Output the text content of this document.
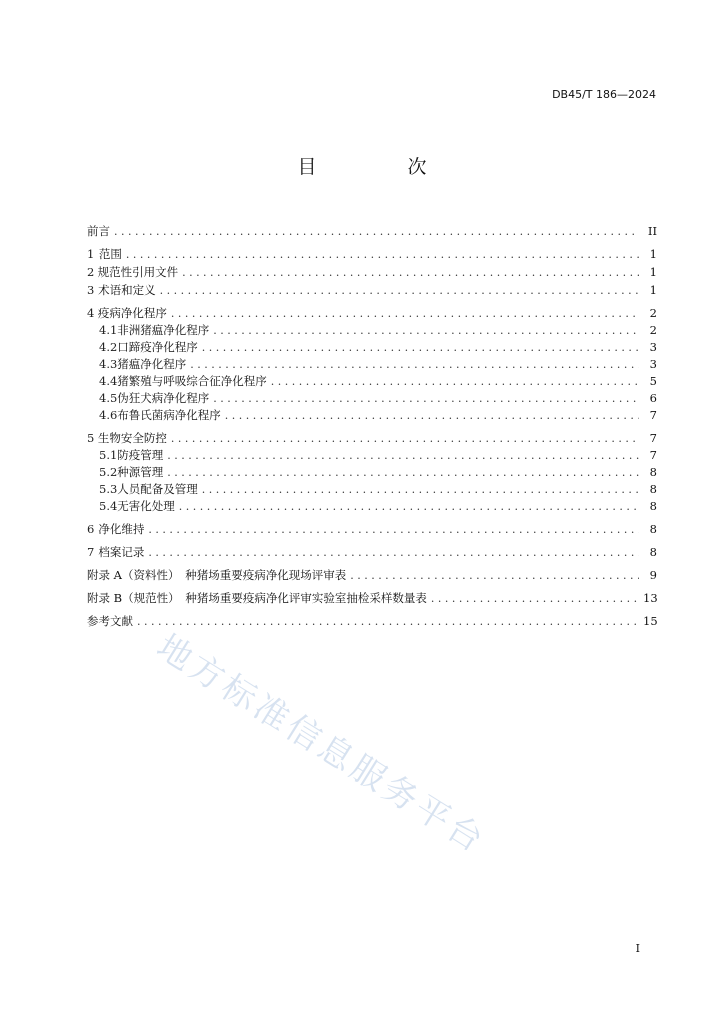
DB45/T 186—2024
目　次
前言 . . .	II
1 范围 . . .	1
2 规范性引用文件 . . .	1
3 术语和定义 . . .	1
4 疫病净化程序 . . .	2
4.1 非洲猪瘟净化程序 . . .	2
4.2 口蹄疫净化程序 . . .	3
4.3 猪瘟净化程序 . . .	3
4.4 猪繁殖与呼吸综合征净化程序 . . .	5
4.5 伪狂犬病净化程序 . . .	6
4.6 布鲁氏菌病净化程序 . . .	7
5 生物安全防控 . . .	7
5.1 防疫管理 . . .	7
5.2 种源管理 . . .	8
5.3 人员配备及管理 . . .	8
5.4 无害化处理 . . .	8
6 净化维持 . . .	8
7 档案记录 . . .	8
附录 A（资料性）　种猪场重要疫病净化现场评审表 . . .	9
附录 B（规范性）　种猪场重要疫病净化评审实验室抽检采样数量表 . . .	13
参考文献 . . .	15
地方标准信息服务平台
I
